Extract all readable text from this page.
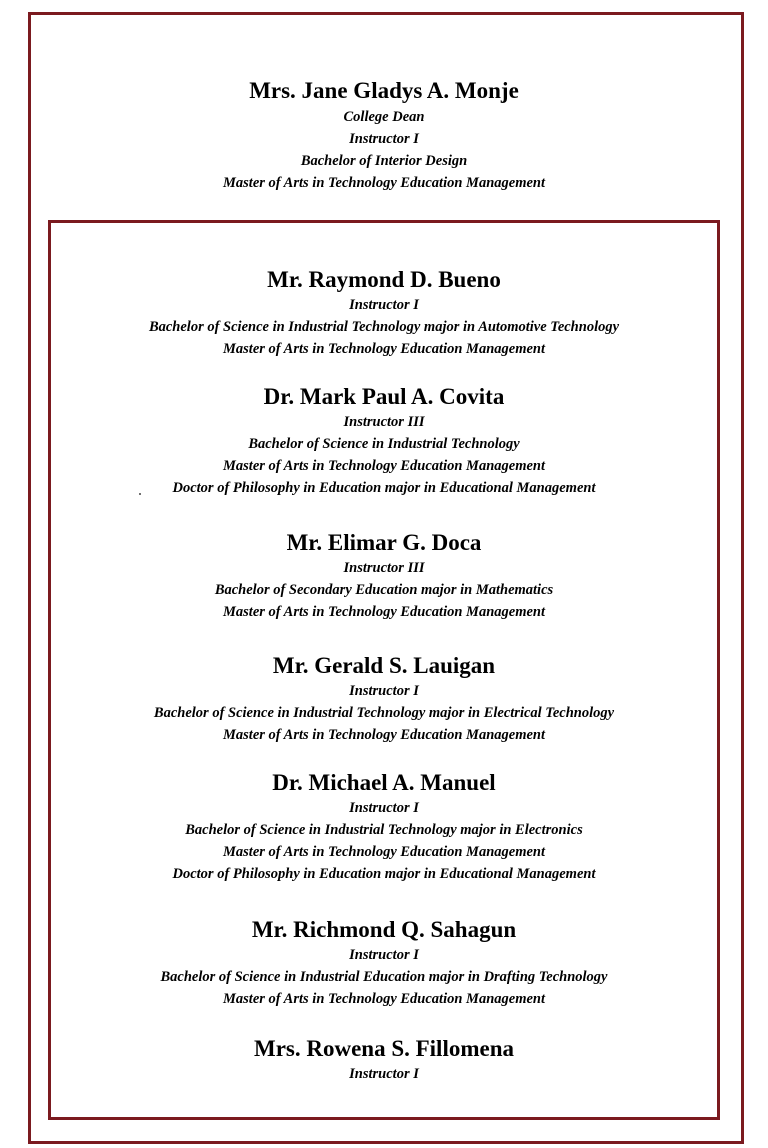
Mrs. Jane Gladys A. Monje
College Dean
Instructor I
Bachelor of Interior Design
Master of Arts in Technology Education Management
Mr. Raymond D. Bueno
Instructor I
Bachelor of Science in Industrial Technology major in Automotive Technology
Master of Arts in Technology Education Management
Dr. Mark Paul A. Covita
Instructor III
Bachelor of Science in Industrial Technology
Master of Arts in Technology Education Management
Doctor of Philosophy in Education major in Educational Management
Mr. Elimar G. Doca
Instructor III
Bachelor of Secondary Education major in Mathematics
Master of Arts in Technology Education Management
Mr. Gerald S. Lauigan
Instructor I
Bachelor of Science in Industrial Technology major in Electrical Technology
Master of Arts in Technology Education Management
Dr. Michael A. Manuel
Instructor I
Bachelor of Science in Industrial Technology major in Electronics
Master of Arts in Technology Education Management
Doctor of Philosophy in Education major in Educational Management
Mr. Richmond Q. Sahagun
Instructor I
Bachelor of Science in Industrial Education major in Drafting Technology
Master of Arts in Technology Education Management
Mrs. Rowena S. Fillomena
Instructor I
